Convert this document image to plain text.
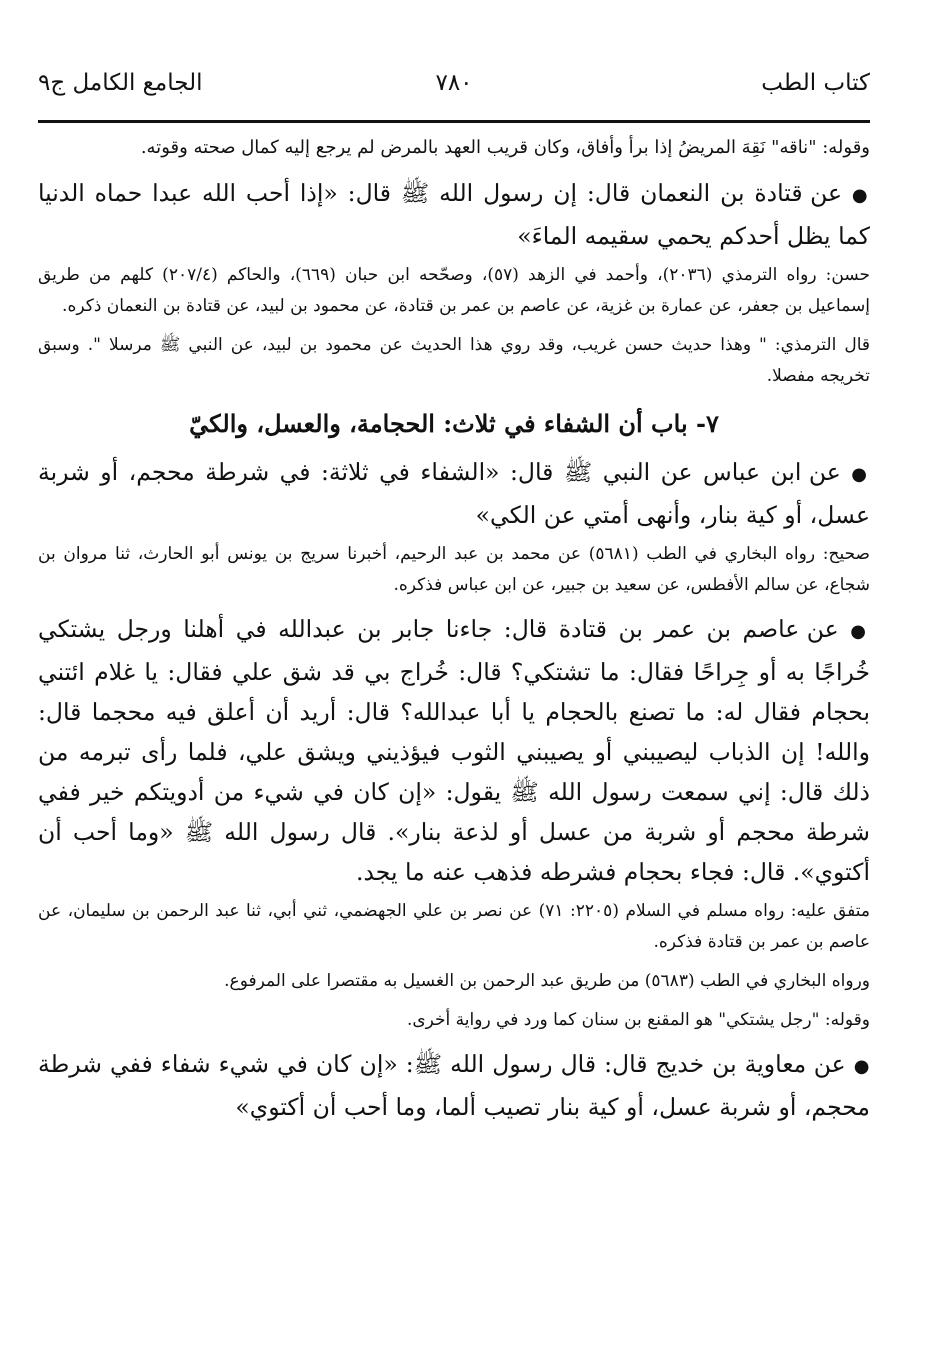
كتاب الطب
٧٨٠
الجامع الكامل ج٩

وقوله: "ناقه" نَقِهَ المريضُ إذا برأ وأفاق، وكان قريب العهد بالمرض لم يرجع إليه كمال صحته وقوته.

● عن قتادة بن النعمان قال: إن رسول الله ﷺ قال: «إذا أحب الله عبدا حماه الدنيا كما يظل أحدكم يحمي سقيمه الماءَ»

حسن: رواه الترمذي (٢٠٣٦)، وأحمد في الزهد (٥٧)، وصحّحه ابن حبان (٦٦٩)، والحاكم (٢٠٧/٤) كلهم من طريق إسماعيل بن جعفر، عن عمارة بن غزية، عن عاصم بن عمر بن قتادة، عن محمود بن لبيد، عن قتادة بن النعمان ذكره.

قال الترمذي: " وهذا حديث حسن غريب، وقد روي هذا الحديث عن محمود بن لبيد، عن النبي ﷺ مرسلا ". وسبق تخريجه مفصلا.

٧- باب أن الشفاء في ثلاث: الحجامة، والعسل، والكيّ

● عن ابن عباس عن النبي ﷺ قال: «الشفاء في ثلاثة: في شرطة محجم، أو شربة عسل، أو كية بنار، وأنهى أمتي عن الكي»

صحيح: رواه البخاري في الطب (٥٦٨١) عن محمد بن عبد الرحيم، أخبرنا سريج بن يونس أبو الحارث، ثنا مروان بن شجاع، عن سالم الأفطس، عن سعيد بن جبير، عن ابن عباس فذكره.

● عن عاصم بن عمر بن قتادة قال: جاءنا جابر بن عبدالله في أهلنا ورجل يشتكي خُراجًا به أو جِراحًا فقال: ما تشتكي؟ قال: خُراج بي قد شق علي فقال: يا غلام ائتني بحجام فقال له: ما تصنع بالحجام يا أبا عبدالله؟ قال: أريد أن أعلق فيه محجما قال: والله! إن الذباب ليصيبني أو يصيبني الثوب فيؤذيني ويشق علي، فلما رأى تبرمه من ذلك قال: إني سمعت رسول الله ﷺ يقول: «إن كان في شيء من أدويتكم خير ففي شرطة محجم أو شربة من عسل أو لذعة بنار». قال رسول الله ﷺ «وما أحب أن أكتوي». قال: فجاء بحجام فشرطه فذهب عنه ما يجد.

متفق عليه: رواه مسلم في السلام (٢٢٠٥: ٧١) عن نصر بن علي الجهضمي، ثني أبي، ثنا عبد الرحمن بن سليمان، عن عاصم بن عمر بن قتادة فذكره.

ورواه البخاري في الطب (٥٦٨٣) من طريق عبد الرحمن بن الغسيل به مقتصرا على المرفوع.

وقوله: "رجل يشتكي" هو المقنع بن سنان كما ورد في رواية أخرى.

● عن معاوية بن خديج قال: قال رسول الله ﷺ: «إن كان في شيء شفاء ففي شرطة محجم، أو شربة عسل، أو كية بنار تصيب ألما، وما أحب أن أكتوي»
